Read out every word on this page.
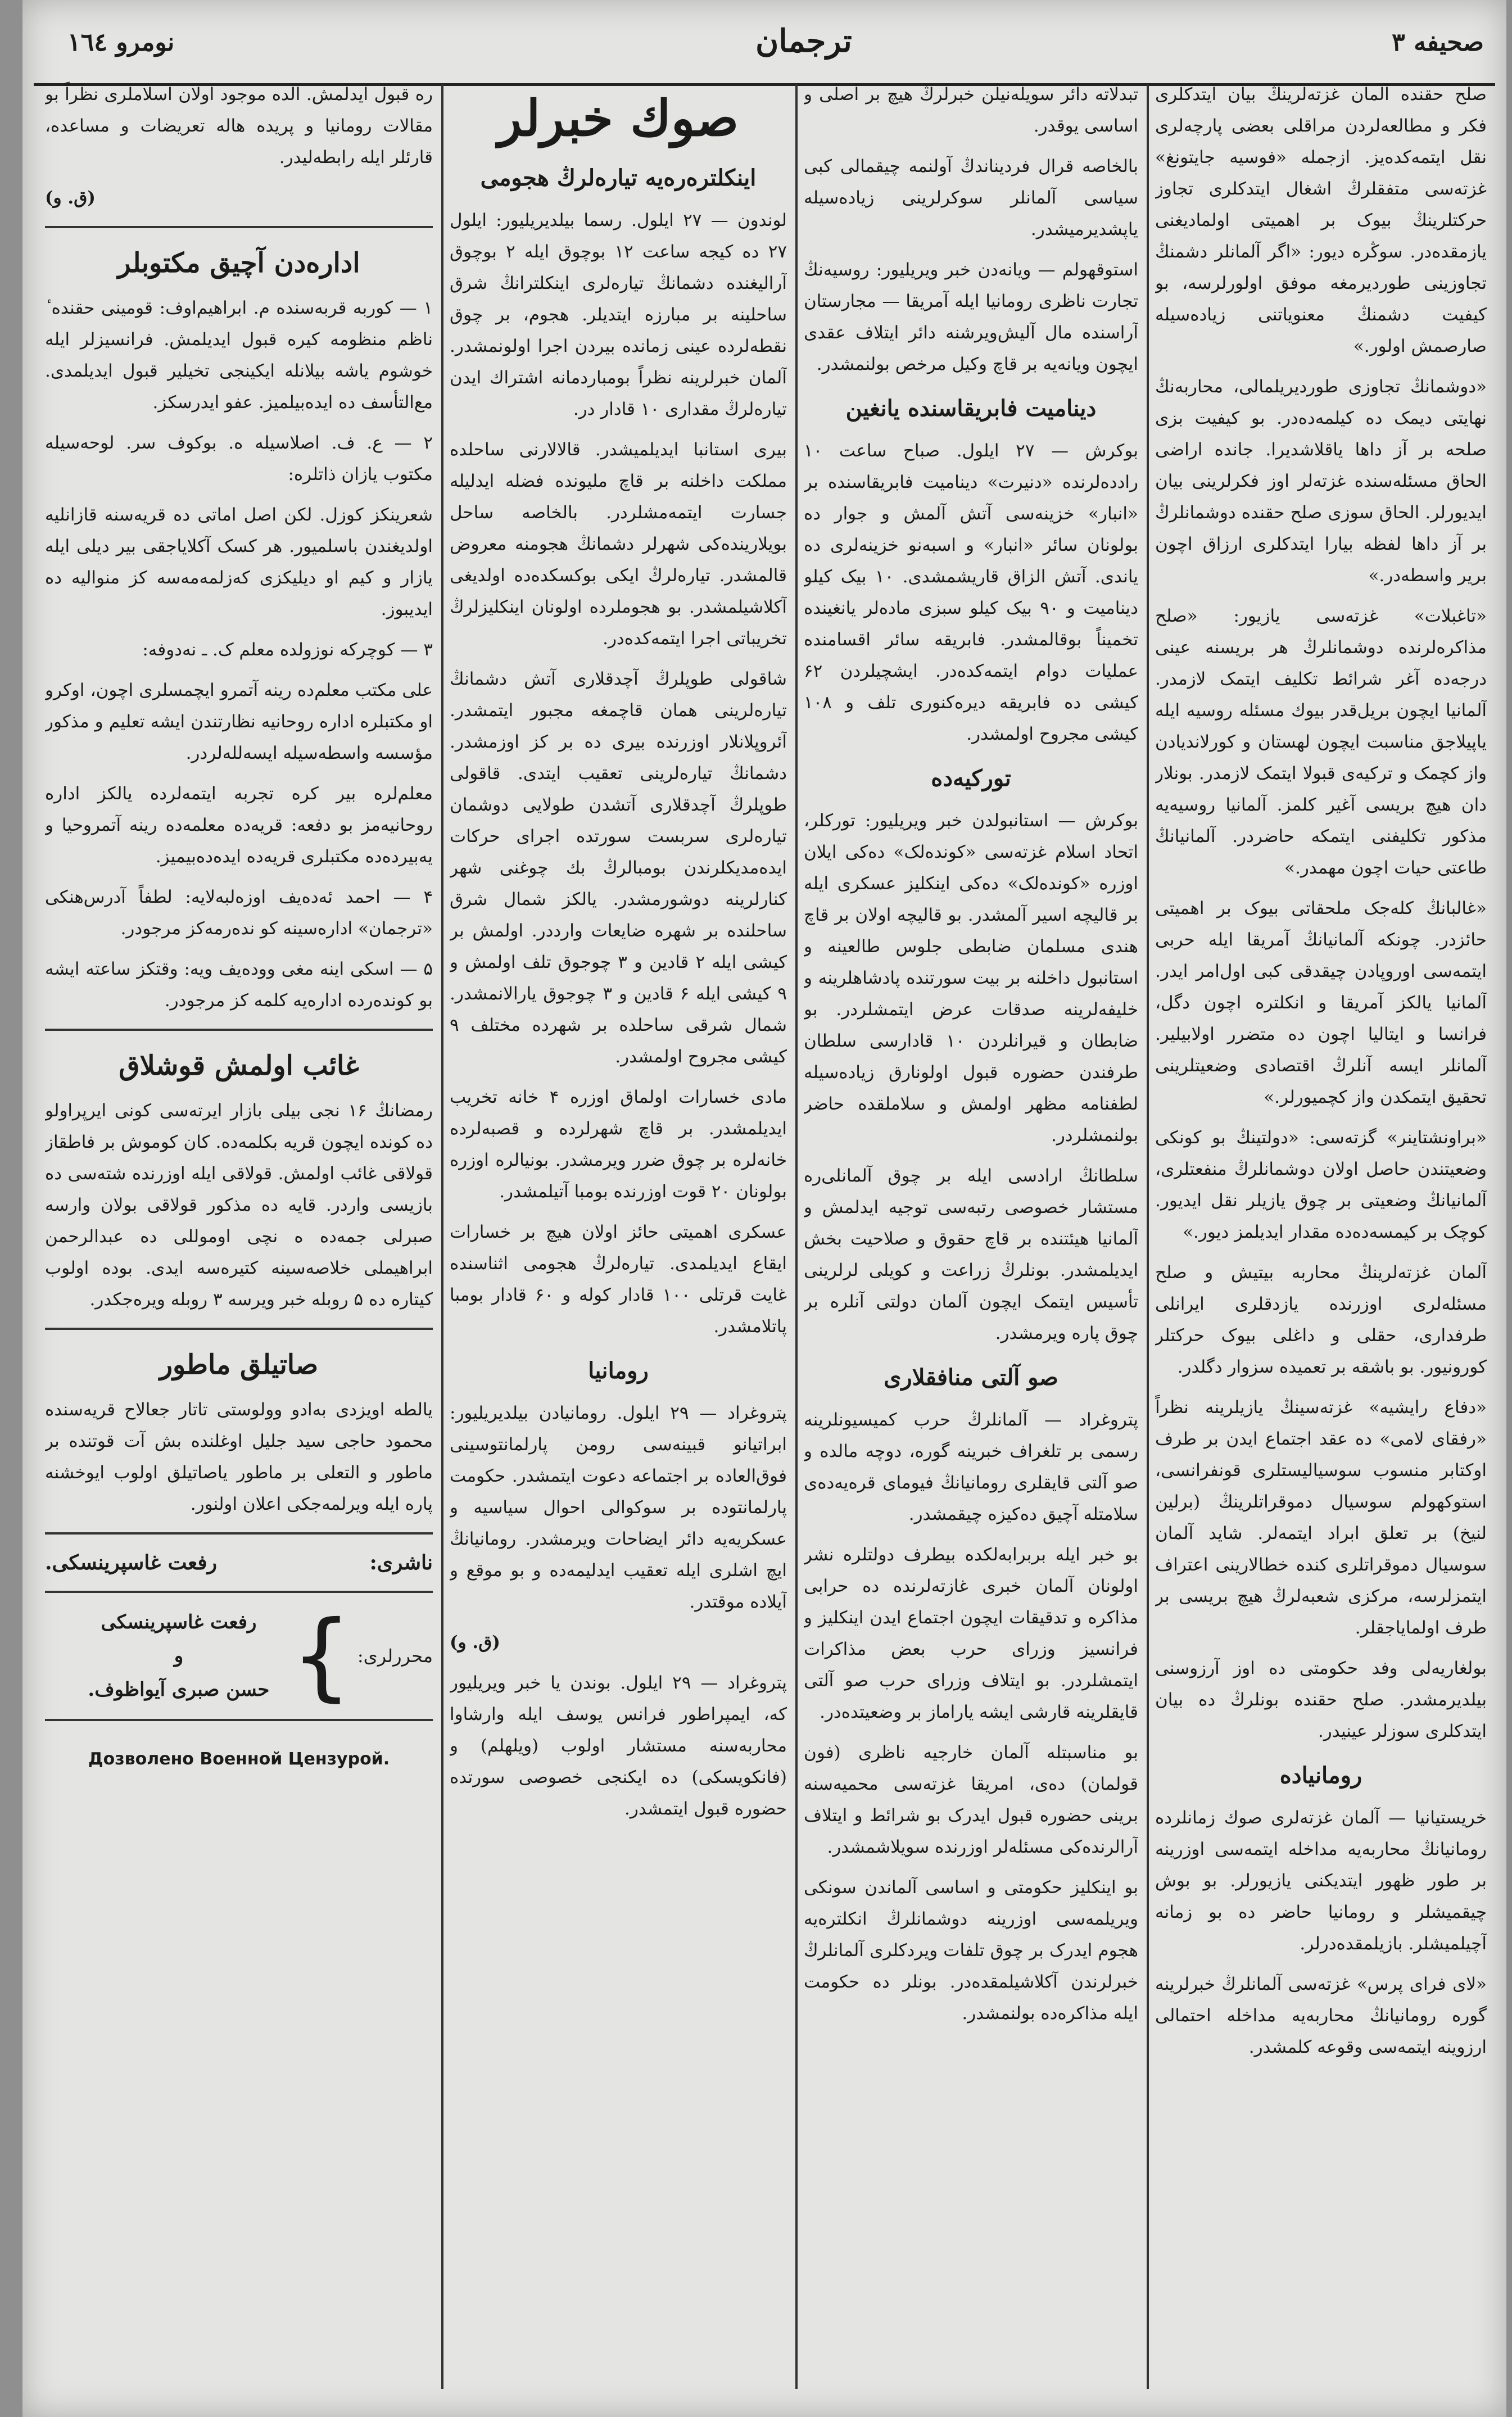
صحیفه ۳
ترجمان
نومرو ۱٦٤
صلح حقنده آلمان غزته‌لرینڭ بیان ایتدکلری فکر و مطالعه‌لردن مراقلی بعضی پارچه‌لری نقل ایتمه‌کده‌یز. ازجمله «فوسیه جایتونغ» غزته‌سی متفقلرڭ اشغال ایتدکلری تجاوز حرکتلرینڭ بیوک بر اهمیتی اولمادیغنی یازمقده‌در. سوڭره دیور: «اگر آلمانلر دشمنڭ تجاوزینی طوردیرمغه موفق اولورلرسه، بو کیفیت دشمنڭ معنویاتنی زیاده‌سیله صارصمش اولور.»
«دوشمانڭ تجاوزی طوردیریلمالی، محاربه‌نڭ نهایتی دیمک ده کیلمه‌ده‌در. بو کیفیت بزی صلحه بر آز داها یاقلاشدیرا. جانده اراضی الحاق مسئله‌سنده غزته‌لر اوز فکرلرینی بیان ایدیورلر. الحاق سوزی صلح حقنده دوشمانلرڭ بر آز داها لفظه بیارا ایتدکلری ارزاق اچون بریر واسطه‌در.»
«تاغبلات» غزته‌سی یازیور: «صلح مذاکره‌لرنده دوشمانلرڭ هر بریسنه عینی درجه‌ده آغر شرائط تکلیف ایتمک لازمدر. آلمانیا ایچون بریل‌قدر بیوك مسئله روسیه ایله یاپیلاجق مناسبت ایچون لهستان و کورلاندیادن واز کچمک و ترکیه‌ی قبولا ایتمک لازمدر. بونلار دان هیچ بریسی آغیر کلمز. آلمانیا روسیه‌یه مذکور تکلیفنی ایتمکه حاضردر. آلمانیانڭ طاعتی حیات اچون مهمدر.»
«غالبا‌نڭ کله‌جک ملحقاتی بیوک بر اهمیتی حائزدر. چونکه آلمانیانڭ آمریقا ایله حربی ایتمه‌سی اوروپادن چیقدقی کبی اول‌امر ایدر. آلمانیا یالکز آمریقا و انکلتره اچون دگل، فرانسا و ایتالیا اچون ده متضرر اولابیلیر. آلمانلر ایسه آنلرڭ اقتصادی وضعیتلرینی تحقیق ایتمکدن واز کچمیورلر.»
«براونشتاینر» گزته‌سی: «دولتینڭ بو کونکی وضعیتندن حاصل اولان دوشمانلرڭ منفعتلری، آلمانیانڭ وضعیتی بر چوق یازیلر نقل ایدیور. کوچک بر کیمسه‌ده‌ده مقدار ایدیلمز دیور.»
آلمان غزته‌لرینڭ محاربه بیتیش و صلح مسئله‌لری اوزرنده یازدقلری ایرانلی طرفداری، حقلی و داغلی بیوک حرکتلر کورونیور. بو باشقه بر تعمیده سزوار دگلدر.
«دفاع رایشیه» غزته‌سینڭ یازیلرینه نظراً «رفقا‌ی لامی» ده عقد اجتماع ایدن بر طرف اوکتابر منسوب سوسیالیستلری قونفرانسی، استوکهولم سوسیال دموقراتلرینڭ (برلین لنیخ) بر تعلق ابراد ایتمه‌لر. شاید آلمان سوسیال دموقراتلری کنده خطالارینی اعتراف ایتمزلرسه، مرکزی شعبه‌لرڭ هیچ بریسی بر طرف اولمایاجقلر.
بولغاریه‌لی وفد حکومتی ده اوز آرزوسنی بیلدیرمشدر. صلح حقنده بونلرڭ ده بیان ایتدکلری سوزلر عینیدر.
رومانیاده
خریستیانیا — آلمان غزته‌لری صوك زمانلرده رومانیانڭ محاربه‌یه مداخله ایتمه‌سی اوزرینه بر طور ظهور ایتدیکنی یازیورلر. بو بوش چیقمیشلر و رومانیا حاضر ده بو زمانه آچیلمیشلر. بازیلمقده‌در‌لر.
«لای فرای پرس» غزته‌سی آلمانلرڭ خبرلرینه گوره رومانیانڭ محاربه‌یه مداخله احتمالی ارزوینه ایتمه‌سی وقوعه کلمشدر.
تبدلاته دائر سویله‌نیلن خبرلرڭ هیچ بر اصلی و اساسی یوقدر.
بالخاصه قرال فردیناندڭ آولنمه چیقمالی کبی سیاسی آلمانلر سوکرلرینی زیاده‌سیله یاپشدیرمیشدر.
استوقهولم — ویانه‌دن خبر ویریلیور: روسیه‌نڭ تجارت ناظری رومانیا ایله آمریقا — مجارستان آراسنده مال آلیش‌ویرشنه دائر ایتلاف عقدی ایچون ویانه‌یه بر قاچ وکیل مرخص بولنمشدر.
دینامیت فابریقاسنده یانغین
بوکرش — ۲۷ ایلول. صباح ساعت ۱۰ رادده‌لرنده «دنیرت» دینامیت فابریقاسنده بر «انبار» خزینه‌سی آتش آلمش و جوار ده بولونان سائر «انبار» و اسبه‌نو خزینه‌لری ده یاندی. آتش الزاق قاریشمشدی. ۱۰ بیک کیلو دینامیت و ۹۰ بیک کیلو سبزی ماده‌لر یانغینده تخمیناً بوقالمشدر. فابریقه سائر اقسامنده عملیات دوام ایتمه‌کده‌در. ایشچیلردن ۶۲ کیشی ده فابریقه دیره‌کنوری تلف و ۱۰۸ کیشی مجروح اولمشدر.
تورکیه‌ده
بوکرش — استانبولدن خبر ویریلیور: تورکلر، اتحاد اسلام غزته‌سی «کونده‌لک» ده‌کی ایلان اوزره «کونده‌لک» ده‌کی اینکلیز عسکری ایله بر قالیچه اسیر آلمشدر. بو قالیچه اولان بر قاچ هندی مسلمان ضابطی جلوس طالعینه و استانبول داخلنه بر بیت سورتنده پادشاهلرینه و خلیفه‌لرینه صدقات عرض ایتمشلردر. بو ضابطان و قیرانلردن ۱۰ قادارسی سلطان طرفندن حضوره قبول اولونارق زیاده‌سیله لطفنامه مظهر اولمش و سلاملقده حاضر بولنمشلردر.
سلطانڭ ارادسی ایله بر چوق آلمانلی‌ره مستشار خصوصی رتبه‌سی توجیه ایدلمش و آلمانیا هیئتنده بر قاچ حقوق و صلاحیت بخش ایدیلمشدر. بونلرڭ زراعت و کویلی لرلرینی تأسیس ایتمک ایچون آلمان دولتی آنلره بر چوق پاره ویرمشدر.
صو آلتی منافقلاری
پتروغراد — آلمانلرڭ حرب کمیسیونلرینه رسمی بر تلغراف خبرینه گوره، دوچه مالده و صو آلتی قایقلری رومانیانڭ فیوما‌ی قره‌یه‌ده‌ی سلامتله آچیق ده‌کیزه چیقمشدر.
بو خبر ایله بربرابه‌لکده بیطرف دولتلره نشر اولونان آلمان خبری غازته‌لرنده ده حرابی مذاکره و تدقیقات ایچون اجتماع ایدن اینکلیز و فرانسیز وزرا‌ی حرب بعض مذاکرات ایتمشلردر. بو ایتلاف وزرا‌ی حرب صو آلتی قایقلرینه قارشی ایشه یاراماز بر وضعیتده‌در.
بو مناسبتله آلمان خارجیه ناظری (فون قولمان) ده‌ی، امریقا غزته‌سی محمیه‌سنه برینی حضوره قبول ایدرک بو شرائط و ایتلاف آرالرنده‌کی مسئله‌لر اوزرنده سویلاشمشدر.
بو اینکلیز حکومتی و اساسی آلماندن سونکی ویریلمه‌سی اوزرینه دوشمانلرڭ انکلتره‌یه هجوم ایدرک بر چوق تلفات ویردکلری آلمانلرڭ خبرلرندن آکلاشیلمقده‌در. بونلر ده حکومت ایله مذاکره‌ده بولنمشدر.
صوك خبرلر
اینکلتره‌ره‌یه تیاره‌لرڭ هجومی
لوندون — ۲۷ ایلول. رسما بیلدیریلیور: ایلول ۲۷ ده کیجه ساعت ۱۲ بوچوق ایله ۲ بوچوق آرالیغنده دشمانڭ تیاره‌لری اینکلترانڭ شرق ساحلینه بر مبارزه ایتدیلر. هجوم، بر چوق نقطه‌لرده عینی زمانده بیردن اجرا اولونمشدر. آلمان خبرلرینه نظراً بومباردمانه اشتراك ایدن تیاره‌لرڭ مقداری ۱۰ قادار در.
بیری استانبا ایدیلمیشدر. قالالارنی ساحلده مملکت داخلنه بر قاچ ملیونده فضله ایدلیله جسارت ایتمه‌مشلردر. بالخاصه ساحل بویلارینده‌کی شهرلر دشمانڭ هجومنه معروض قالمشدر. تیاره‌لرڭ ایکی بوکسکده‌ده اولدیغی آکلاشیلمشدر. بو هجوملرده اولونان اینکلیزلرڭ تخریباتی اجرا ایتمه‌کده‌در.
شاقولی طوپلرڭ آچدقلاری آتش دشمانڭ تیاره‌لرینی همان قاچمغه مجبور ایتمشدر. آئروپلانلار اوزرنده بیری ده بر کز اوزمشدر. دشمانڭ تیاره‌لرینی تعقیب ایتدی. قاقولی طوپلرڭ آچدقلاری آتشدن طولایی دوشمان تیاره‌لری سربست سورتده اجرای حرکات ایده‌مدیکلرندن بومبالرڭ بك چوغنی شهر کنارلرینه دوشورمشدر. یالکز شمال شرق ساحلنده بر شهره ضایعات وارددر. اولمش بر کیشی ایله ۲ قادین و ۳ چوجوق تلف اولمش و ۹ کیشی ایله ۶ قادین و ۳ چوجوق یارالانمشدر. شمال شرقی ساحلده بر شهرده مختلف ۹ کیشی مجروح اولمشدر.
مادی خسارات اولماق اوزره ۴ خانه تخریب ایدیلمشدر. بر قاچ شهرلرده و قصبه‌لرده خانه‌لره بر چوق ضرر ویرمشدر. بونیالره اوزره بولونان ۲۰ قوت اوزرنده بومبا آتیلمشدر.
عسکری اهمیتی حائز اولان هیچ بر خسارات ایقاع ایدیلمدی. تیاره‌لرڭ هجومی اثناسنده غایت قرتلی ۱۰۰ قادار کوله و ۶۰ قادار بومبا پاتلامشدر.
رومانیا
پتروغراد — ۲۹ ایلول. رومانیادن بیلدیریلیور: ابراتیانو قبینه‌سی رومن پارلمانتوسینی فوق‌العاده بر اجتماعه دعوت ایتمشدر. حکومت پارلمانتوده بر سوکوالی احوال سیاسیه و عسکریه‌یه دائر ایضاحات ویرمشدر. رومانیانڭ ایچ اشلری ایله تعقیب ایدلیمه‌ده و بو موقع و آیلاده موقتدر.
(ق. و)
پتروغراد — ۲۹ ایلول. بوندن یا خبر ویریلیور که، ایمپراطور فرانس یوسف ایله وارشاوا محاربه‌سنه مستشار اولوب (ویلهلم) و (فانکویسکی) ده ایکنجی خصوصی سورتده حضوره قبول ایتمشدر.
ره قبول ایدلمش. الده موجود اولان اسلاملری نظراً بو مقالات رومانیا و پریده هاله تعریضات و مساعده، قارئلر ایله رابطه‌لیدر.
(ق. و)
اداره‌دن آچیق مکتوبلر
۱ — کوربه قربه‌سنده م. ابراهیم‌اوف: قومینی حقنده ٔ ناظم منظومه کیره قبول ایدیلمش. فرانسیزلر ایله خوشوم یاشه بیلانله ایکینجی تخیلیر قبول ایدیلمدی. مع‌التأسف ده ایده‌بیلمیز. عفو ایدرسکز.
۲ — ع. ف. اصلاسیله ه. بوکوف سر. لوحه‌سیله مکتوب یازان ذاتلره:
شعرینکز کوزل. لکن اصل اماتی ده قریه‌سنه قازانلیه اولدیغندن باسلمیور. هر کسک آکلایاجقی بیر دیلی ایله یازار و کیم او دیلیکزی که‌زلمه‌مه‌سه کز منوالیه ده ایدیبوز.
۳ — کوچرکه نوزولده معلم ک. ـ نه‌دوفه:
علی مکتب معلم‌ده رینه آتمرو ایچمسلری اچون، اوکرو او مکتبلره اداره روحانیه نظارتندن ایشه تعلیم و مذکور مؤسسه واسطه‌سیله ایسه‌لله‌لردر.
معلم‌لره بیر کره تجربه ایتمه‌لرده یالکز اداره روحانیه‌مز بو دفعه: قریه‌ده معلمه‌ده رینه آتمروحیا و یه‌بیرده‌ده مکتبلری قریه‌ده ایده‌ده‌بیمیز.
۴ — احمد ئه‌ده‌یف اوزه‌لبه‌لایه: لطفاً آدرس‌هنکی «ترجمان» اداره‌سینه کو نده‌رمه‌کز مرجودر.
۵ — اسکی اینه مغی وو‌ده‌یف ویه: وقتکز ساعته ایشه بو کونده‌رده اداره‌یه کلمه کز مرجودر.
غائب اولمش قوشلاق
رمضانڭ ۱۶ نجی بیلی بازار ایرته‌سی کونی ایرپراولو ده کونده ایچون قریه بکلمه‌ده. کان کوموش بر فاطقاز قولاقی غائب اولمش. قولاقی ایله اوزرنده شته‌سی ده بازیسی واردر. قایه ده مذکور قولاقی بولان وارسه صبرلی جمه‌ده ه نچی اوموللی ده عبدالرحمن ابراهیملی خلاصه‌سینه کتیره‌سه ایدی. بوده اولوب کیتاره ده ۵ روبله خبر ویرسه ۳ روبله ویره‌جکدر.
صاتیلق ماطور
یالطه اویزدی به‌ادو وولوستی تاتار جعالاح قریه‌سنده محمود حاجی سید جلیل اوغلنده بش آت قوتنده بر ماطور و التعلی بر ماطور یاصاتیلق اولوب ایوخشنه پاره ایله ویرلمه‌جکی اعلان اولنور.
ناشری:
رفعت غاسپرینسکی.
محررلری:
}
رفعت غاسپرینسکی
و
حسن صبری آیواظوف.
Дозволено Военной Цензурой.
